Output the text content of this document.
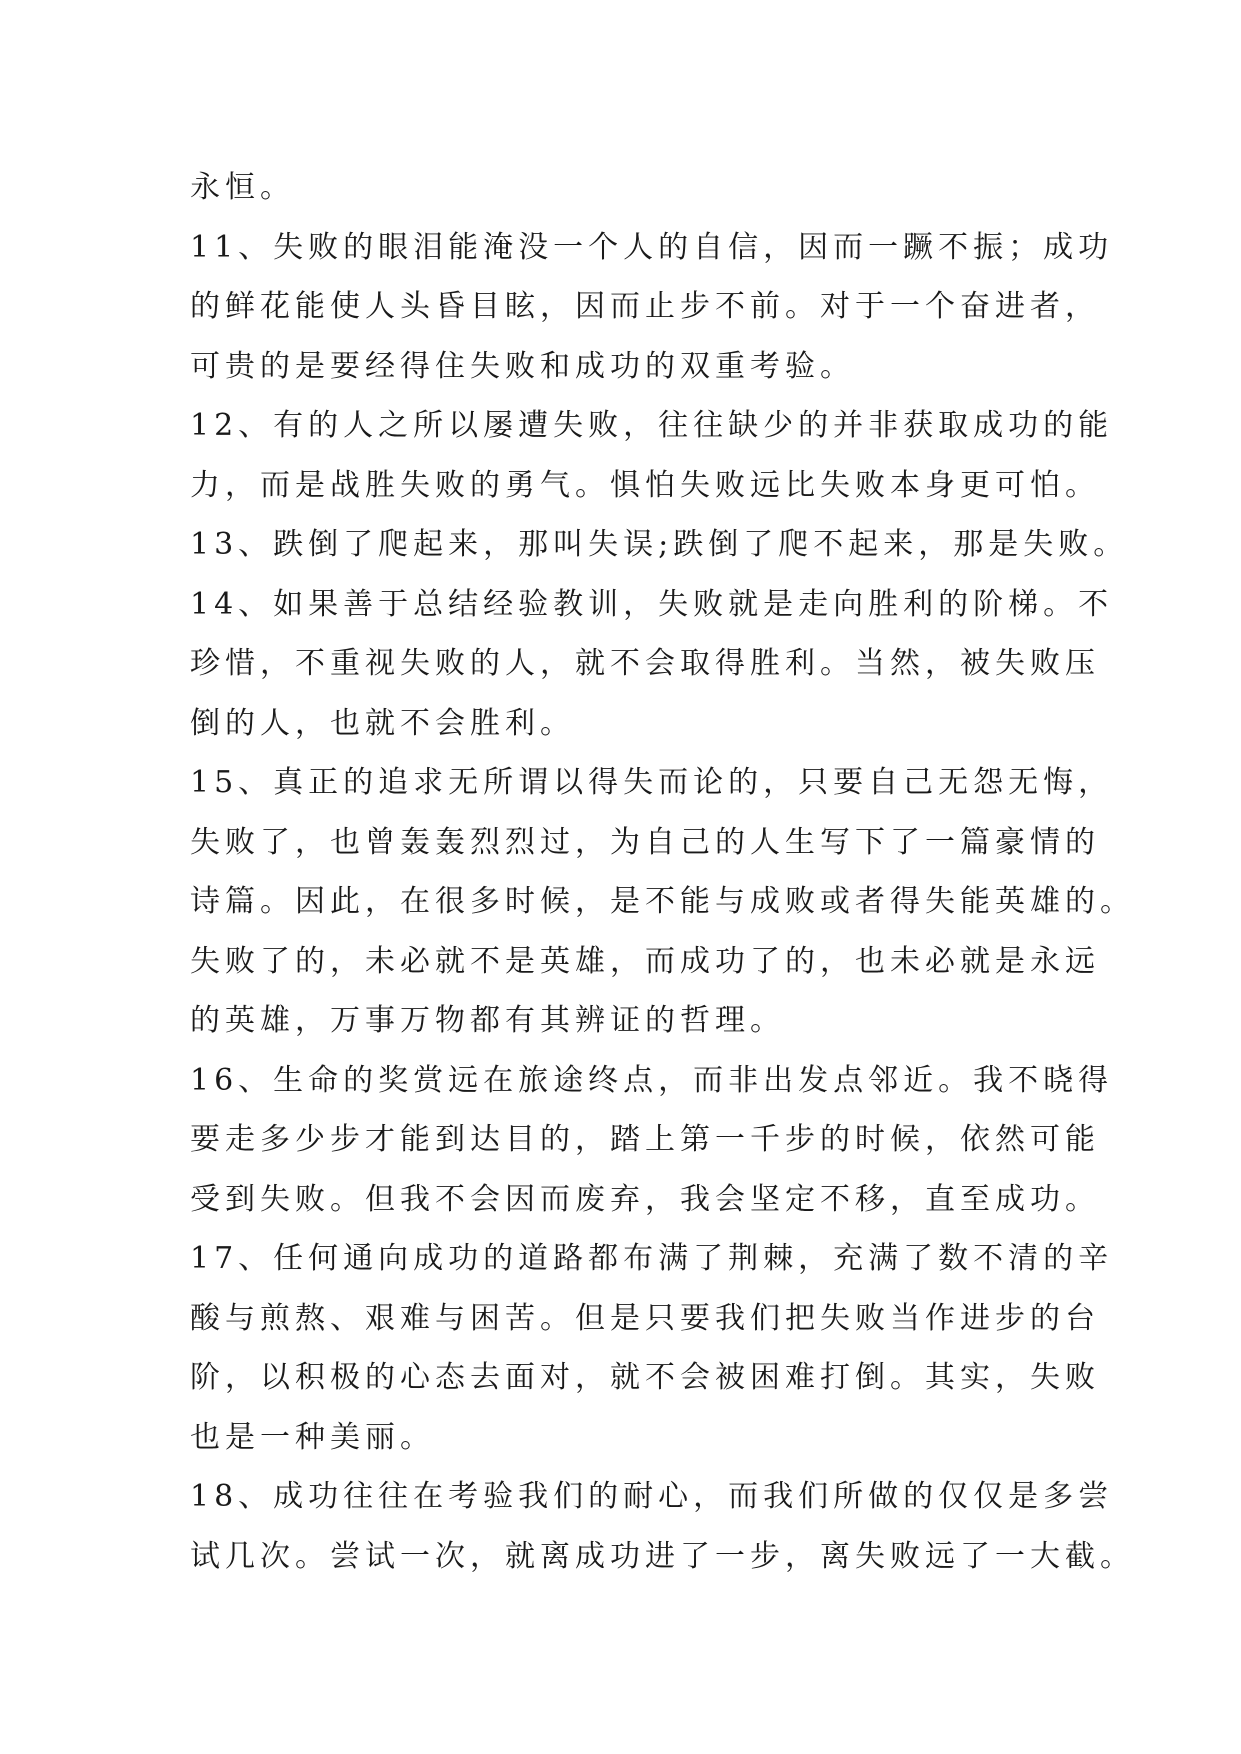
永恒。
11、失败的眼泪能淹没一个人的自信，因而一蹶不振；成功
的鲜花能使人头昏目眩，因而止步不前。对于一个奋进者，
可贵的是要经得住失败和成功的双重考验。
12、有的人之所以屡遭失败，往往缺少的并非获取成功的能
力，而是战胜失败的勇气。惧怕失败远比失败本身更可怕。
13、跌倒了爬起来，那叫失误;跌倒了爬不起来，那是失败。
14、如果善于总结经验教训，失败就是走向胜利的阶梯。不
珍惜，不重视失败的人，就不会取得胜利。当然，被失败压
倒的人，也就不会胜利。
15、真正的追求无所谓以得失而论的，只要自己无怨无悔，
失败了，也曾轰轰烈烈过，为自己的人生写下了一篇豪情的
诗篇。因此，在很多时候，是不能与成败或者得失能英雄的。
失败了的，未必就不是英雄，而成功了的，也未必就是永远
的英雄，万事万物都有其辨证的哲理。
16、生命的奖赏远在旅途终点，而非出发点邻近。我不晓得
要走多少步才能到达目的，踏上第一千步的时候，依然可能
受到失败。但我不会因而废弃，我会坚定不移，直至成功。
17、任何通向成功的道路都布满了荆棘，充满了数不清的辛
酸与煎熬、艰难与困苦。但是只要我们把失败当作进步的台
阶，以积极的心态去面对，就不会被困难打倒。其实，失败
也是一种美丽。
18、成功往往在考验我们的耐心，而我们所做的仅仅是多尝
试几次。尝试一次，就离成功进了一步，离失败远了一大截。
